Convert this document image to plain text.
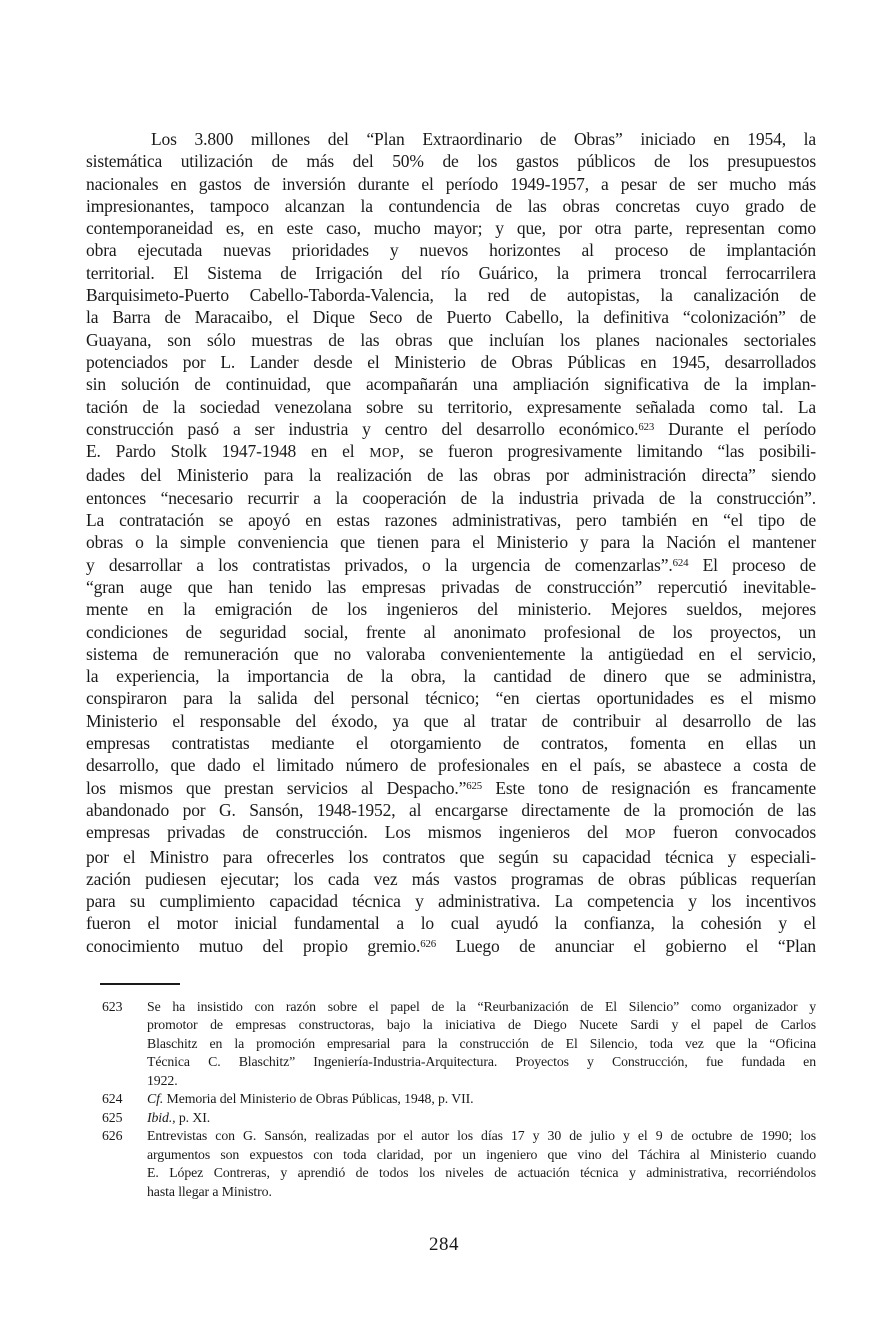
Los 3.800 millones del “Plan Extraordinario de Obras” iniciado en 1954, la
sistemática utilización de más del 50% de los gastos públicos de los presupuestos
nacionales en gastos de inversión durante el período 1949-1957, a pesar de ser mucho más
impresionantes, tampoco alcanzan la contundencia de las obras concretas cuyo grado de
contemporaneidad es, en este caso, mucho mayor; y que, por otra parte, representan como
obra ejecutada nuevas prioridades y nuevos horizontes al proceso de implantación
territorial. El Sistema de Irrigación del río Guárico, la primera troncal ferrocarrilera
Barquisimeto-Puerto Cabello-Taborda-Valencia, la red de autopistas, la canalización de
la Barra de Maracaibo, el Dique Seco de Puerto Cabello, la definitiva “colonización” de
Guayana, son sólo muestras de las obras que incluían los planes nacionales sectoriales
potenciados por L. Lander desde el Ministerio de Obras Públicas en 1945, desarrollados
sin solución de continuidad, que acompañarán una ampliación significativa de la implan-
tación de la sociedad venezolana sobre su territorio, expresamente señalada como tal. La
construcción pasó a ser industria y centro del desarrollo económico.$^{623}$ Durante el período
E. Pardo Stolk 1947-1948 en el MOP, se fueron progresivamente limitando “las posibili-
dades del Ministerio para la realización de las obras por administración directa” siendo
entonces “necesario recurrir a la cooperación de la industria privada de la construcción”.
La contratación se apoyó en estas razones administrativas, pero también en “el tipo de
obras o la simple conveniencia que tienen para el Ministerio y para la Nación el mantener
y desarrollar a los contratistas privados, o la urgencia de comenzarlas”.$^{624}$ El proceso de
“gran auge que han tenido las empresas privadas de construcción” repercutió inevitable-
mente en la emigración de los ingenieros del ministerio. Mejores sueldos, mejores
condiciones de seguridad social, frente al anonimato profesional de los proyectos, un
sistema de remuneración que no valoraba convenientemente la antigüedad en el servicio,
la experiencia, la importancia de la obra, la cantidad de dinero que se administra,
conspiraron para la salida del personal técnico; “en ciertas oportunidades es el mismo
Ministerio el responsable del éxodo, ya que al tratar de contribuir al desarrollo de las
empresas contratistas mediante el otorgamiento de contratos, fomenta en ellas un
desarrollo, que dado el limitado número de profesionales en el país, se abastece a costa de
los mismos que prestan servicios al Despacho.”$^{625}$ Este tono de resignación es francamente
abandonado por G. Sansón, 1948-1952, al encargarse directamente de la promoción de las
empresas privadas de construcción. Los mismos ingenieros del MOP fueron convocados
por el Ministro para ofrecerles los contratos que según su capacidad técnica y especiali-
zación pudiesen ejecutar; los cada vez más vastos programas de obras públicas requerían
para su cumplimiento capacidad técnica y administrativa. La competencia y los incentivos
fueron el motor inicial fundamental a lo cual ayudó la confianza, la cohesión y el
conocimiento mutuo del propio gremio.$^{626}$ Luego de anunciar el gobierno el “Plan
623	Se ha insistido con razón sobre el papel de la “Reurbanización de El Silencio” como organizador y
promotor de empresas constructoras, bajo la iniciativa de Diego Nucete Sardi y el papel de Carlos
Blaschitz en la promoción empresarial para la construcción de El Silencio, toda vez que la “Oficina
Técnica C. Blaschitz” Ingeniería-Industria-Arquitectura. Proyectos y Construcción, fue fundada en
1922.
624	Cf. Memoria del Ministerio de Obras Públicas, 1948, p. VII.
625	Ibid., p. XI.
626	Entrevistas con G. Sansón, realizadas por el autor los días 17 y 30 de julio y el 9 de octubre de 1990; los
argumentos son expuestos con toda claridad, por un ingeniero que vino del Táchira al Ministerio cuando
E. López Contreras, y aprendió de todos los niveles de actuación técnica y administrativa, recorriéndolos
hasta llegar a Ministro.
284
